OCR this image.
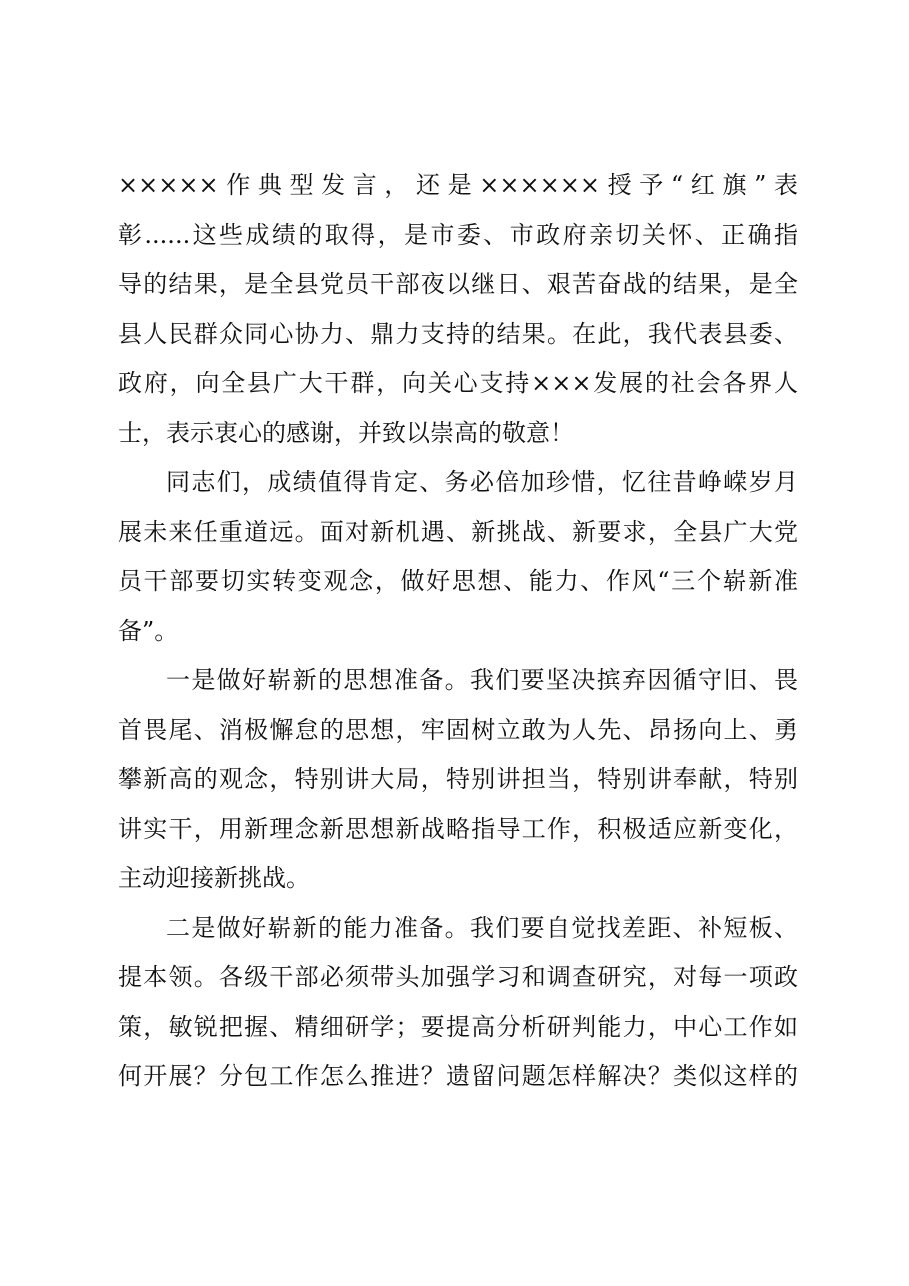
×××××作典型发言，还是××××××授予“红旗”表
彰......这些成绩的取得，是市委、市政府亲切关怀、正确指
导的结果，是全县党员干部夜以继日、艰苦奋战的结果，是全
县人民群众同心协力、鼎力支持的结果。在此，我代表县委、
政府，向全县广大干群，向关心支持×××发展的社会各界人
士，表示衷心的感谢，并致以崇高的敬意！
同志们，成绩值得肯定、务必倍加珍惜，忆往昔峥嵘岁月
展未来任重道远。面对新机遇、新挑战、新要求，全县广大党
员干部要切实转变观念，做好思想、能力、作风“三个崭新准
备”。
一是做好崭新的思想准备。我们要坚决摈弃因循守旧、畏
首畏尾、消极懈怠的思想，牢固树立敢为人先、昂扬向上、勇
攀新高的观念，特别讲大局，特别讲担当，特别讲奉献，特别
讲实干，用新理念新思想新战略指导工作，积极适应新变化，
主动迎接新挑战。
二是做好崭新的能力准备。我们要自觉找差距、补短板、
提本领。各级干部必须带头加强学习和调查研究，对每一项政
策，敏锐把握、精细研学；要提高分析研判能力，中心工作如
何开展？分包工作怎么推进？遗留问题怎样解决？类似这样的
